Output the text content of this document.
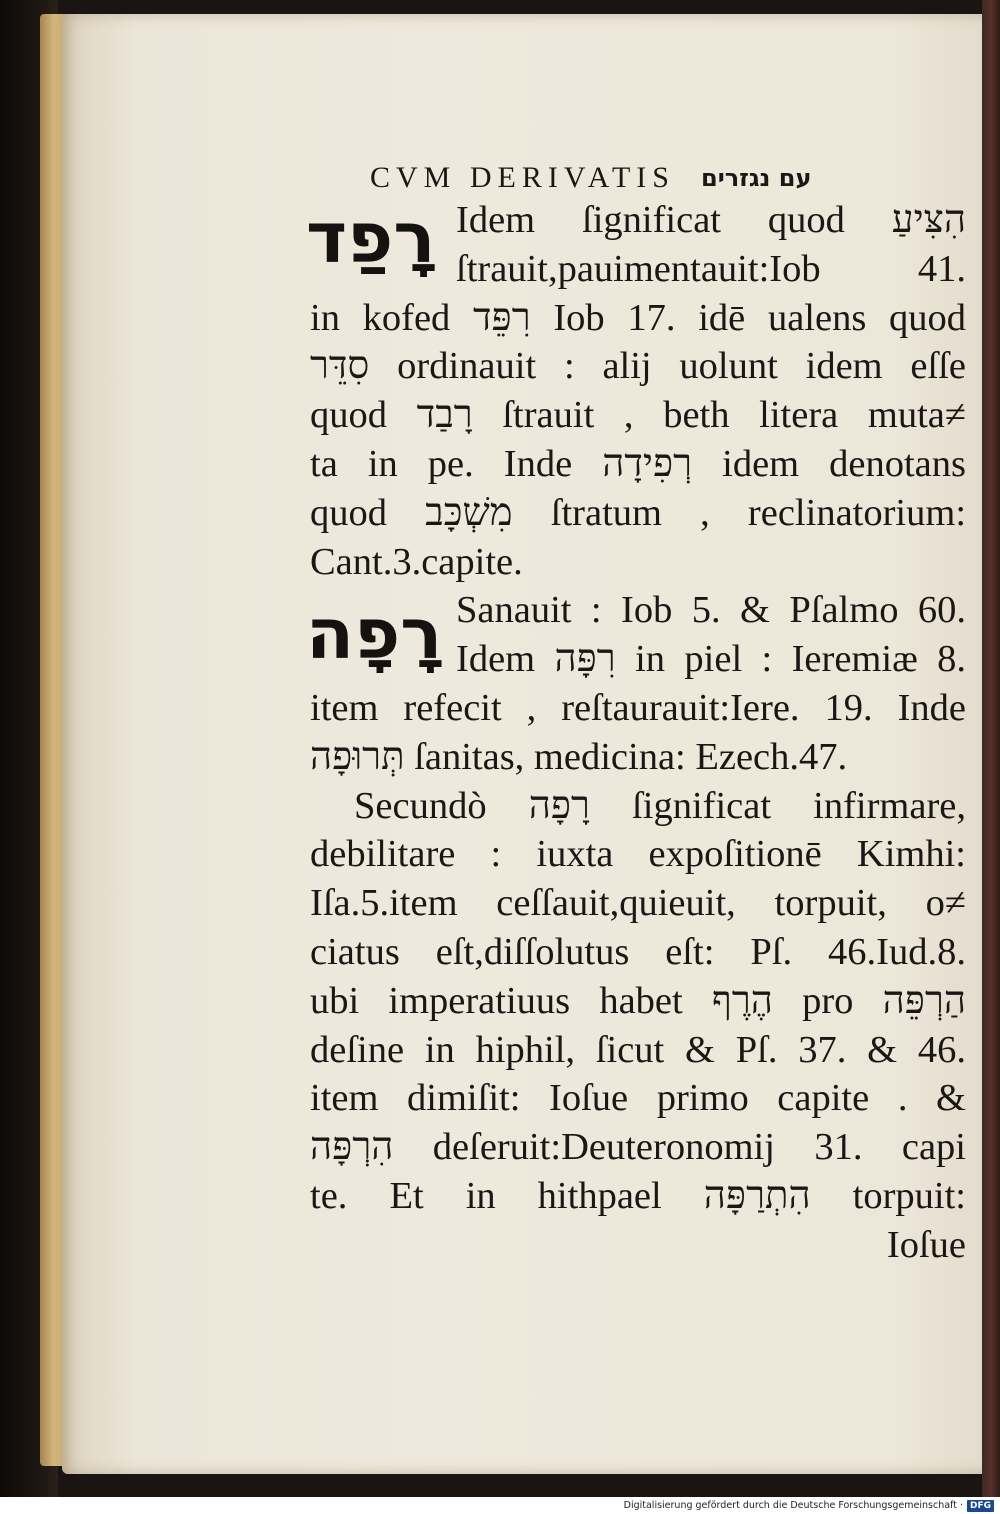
CVM DERIVATIS עם נגזרים
רָפַד
רָפָה
Idem ſignificat quod הִצִּיעַ
ſtrauit,pauimentauit:Iob 41.
in kofed רִפֵּד Iob 17. idē ualens quod
סִדֵּר ordinauit : alij uolunt idem eſſe
quod רָבַד ſtrauit , beth litera muta≠
ta in pe. Inde רְפִידָה idem denotans
quod מִשְׁכָּב ſtratum , reclinatorium:
Cant.3.capite.
Sanauit : Iob 5. & Pſalmo 60.
Idem רִפָּה in piel : Ieremiæ 8.
item refecit , reſtaurauit:Iere. 19. Inde
תְּרוּפָה ſanitas, medicina: Ezech.47.
Secundò רָפָה ſignificat infirmare,
debilitare : iuxta expoſitionē Kimhi:
Iſa.5.item ceſſauit,quieuit, torpuit, o≠
ciatus eſt,diſſolutus eſt: Pſ. 46.Iud.8.
ubi imperatiuus habet הֶרֶף pro הַרְפֵּה
deſine in hiphil, ſicut & Pſ. 37. & 46.
item dimiſit: Ioſue primo capite . &
הִרְפָּה deſeruit:Deuteronomij 31. capi
te. Et in hithpael הִתְרַפָּה torpuit:
Ioſue
Digitalisierung gefördert durch die Deutsche Forschungsgemeinschaft · DFG
